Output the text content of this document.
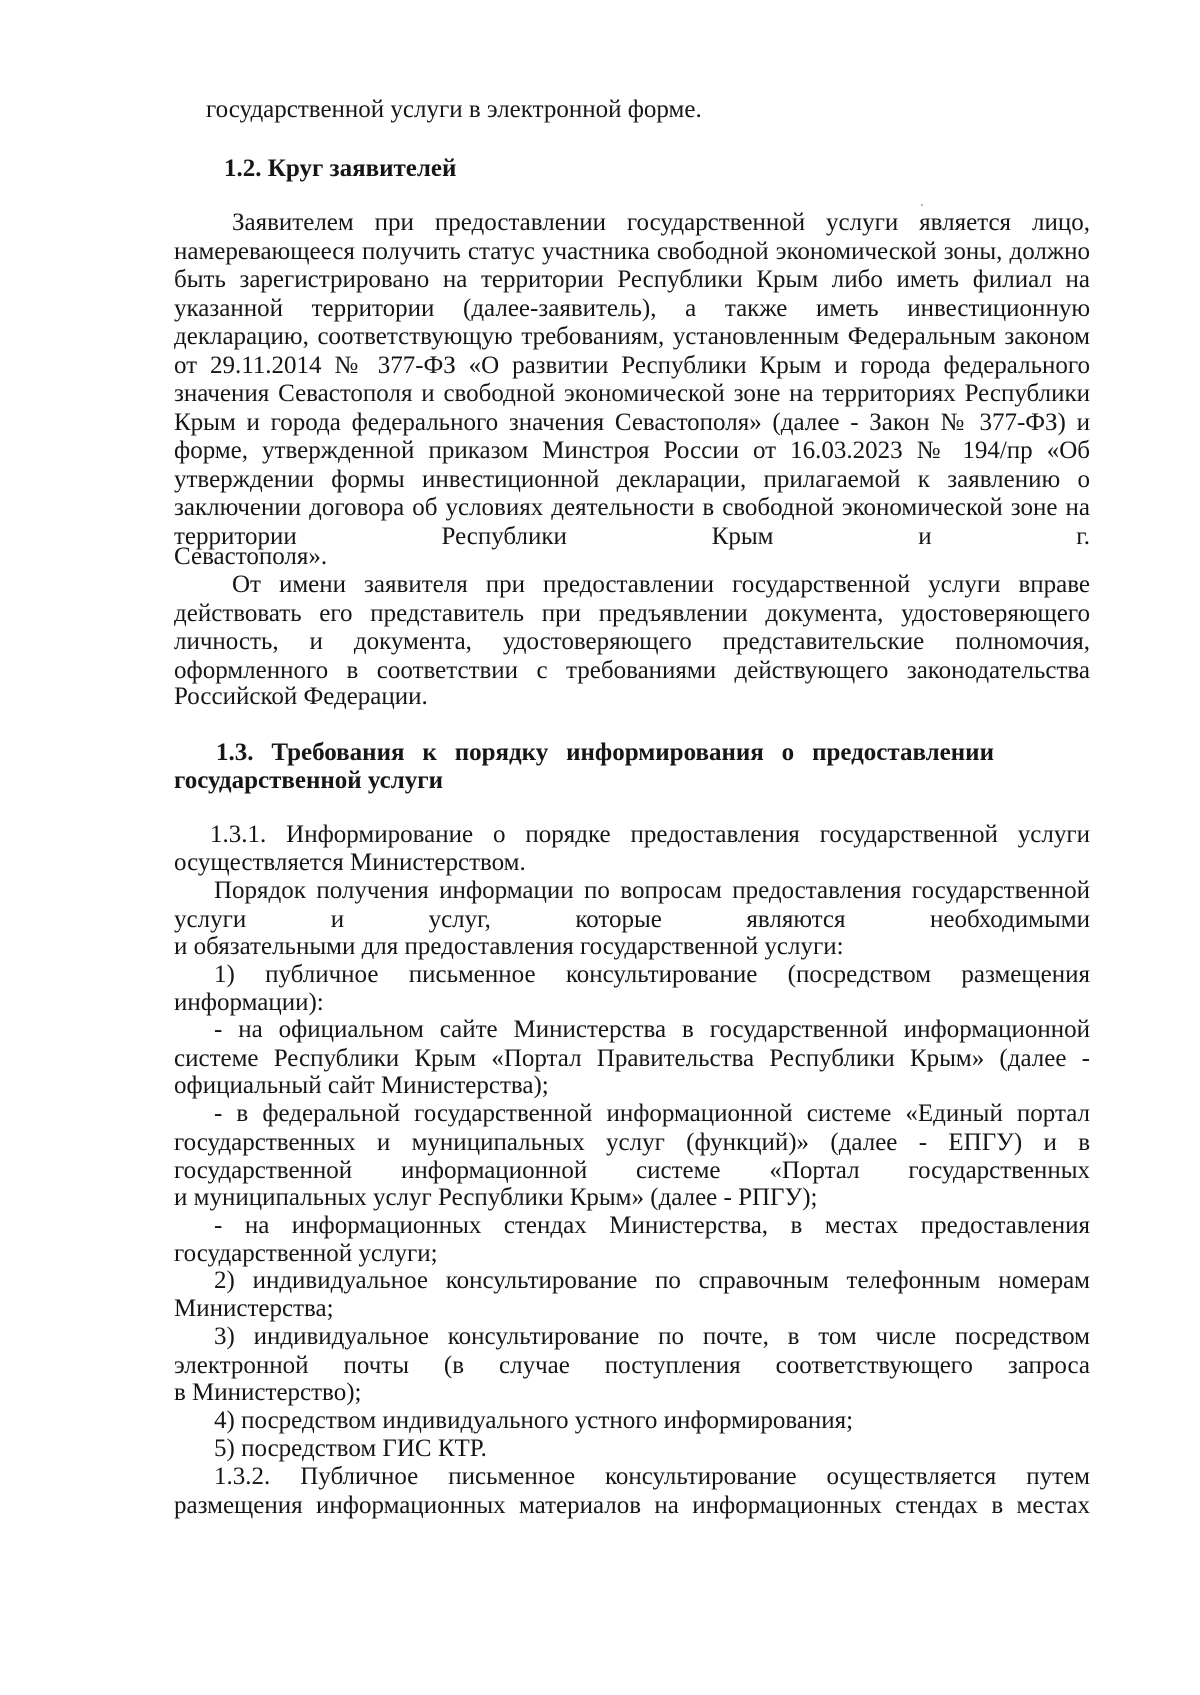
государственной услуги в электронной форме.

1.2. Круг заявителей

Заявителем при предоставлении государственной услуги является лицо, намеревающееся получить статус участника свободной экономической зоны, должно быть зарегистрировано на территории Республики Крым либо иметь филиал на указанной территории (далее-заявитель), а также иметь инвестиционную декларацию, соответствующую требованиям, установленным Федеральным законом от 29.11.2014 № 377-ФЗ «О развитии Республики Крым и города федерального значения Севастополя и свободной экономической зоне на территориях Республики Крым и города федерального значения Севастополя» (далее - Закон № 377-ФЗ) и форме, утвержденной приказом Минстроя России от 16.03.2023 № 194/пр «Об утверждении формы инвестиционной декларации, прилагаемой к заявлению о заключении договора об условиях деятельности в свободной экономической зоне на территории Республики Крым и г.

Севастополя».

От имени заявителя при предоставлении государственной услуги вправе действовать его представитель при предъявлении документа, удостоверяющего личность, и документа, удостоверяющего представительские полномочия, оформленного в соответствии с требованиями действующего законодательства

Российской Федерации.

1.3. Требования к порядку информирования о предоставлении

государственной услуги

1.3.1. Информирование о порядке предоставления государственной услуги

осуществляется Министерством.

Порядок получения информации по вопросам предоставления государственной услуги и услуг, которые являются необходимыми

и обязательными для предоставления государственной услуги:

1) публичное письменное консультирование (посредством размещения

информации):

- на официальном сайте Министерства в государственной информационной системе Республики Крым «Портал Правительства Республики Крым» (далее -

официальный сайт Министерства);

- в федеральной государственной информационной системе «Единый портал государственных и муниципальных услуг (функций)» (далее - ЕПГУ) и в государственной информационной системе «Портал государственных

и муниципальных услуг Республики Крым» (далее - РПГУ);

- на информационных стендах Министерства, в местах предоставления

государственной услуги;

2) индивидуальное консультирование по справочным телефонным номерам

Министерства;

3) индивидуальное консультирование по почте, в том числе посредством электронной почты (в случае поступления соответствующего запроса

в Министерство);

4) посредством индивидуального устного информирования;

5) посредством ГИС КТР.

1.3.2. Публичное письменное консультирование осуществляется путем размещения информационных материалов на информационных стендах в местах
